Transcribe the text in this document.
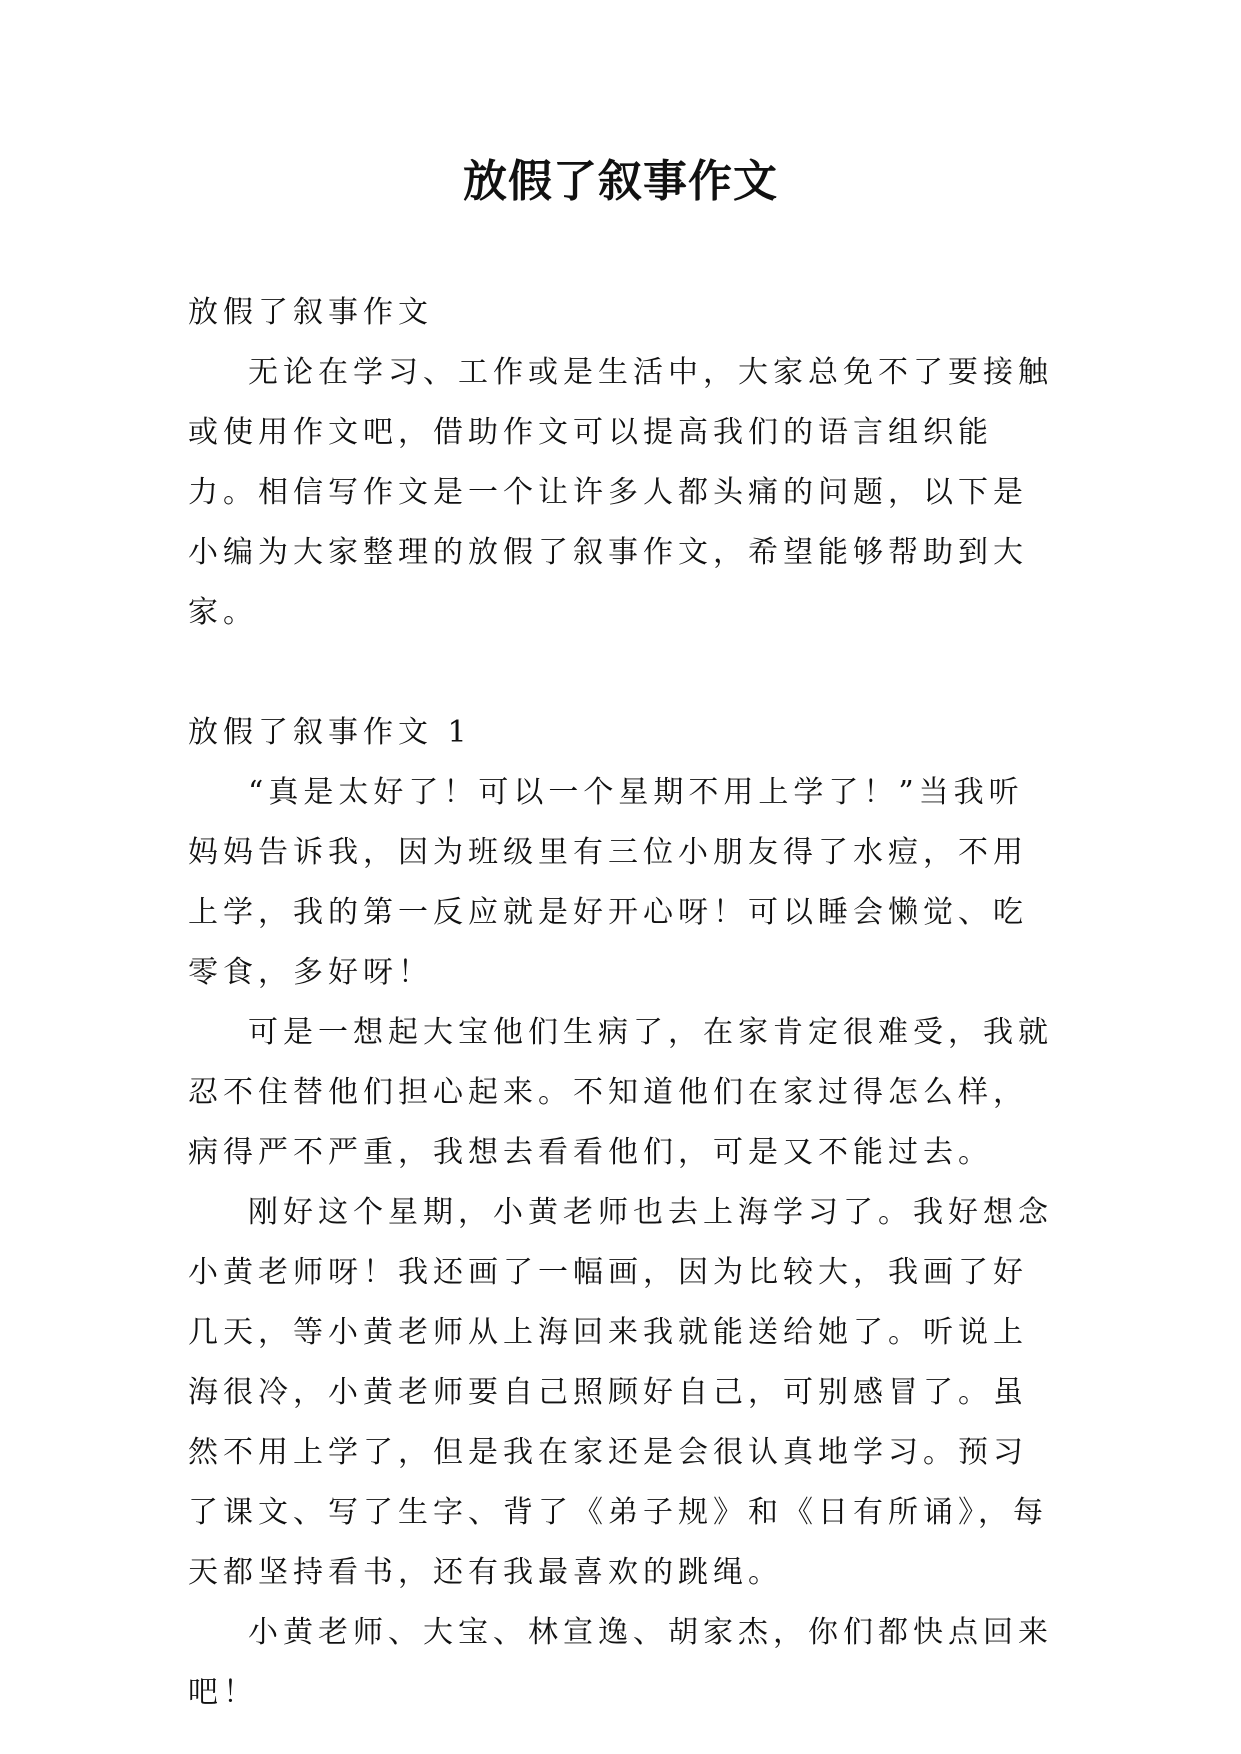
放假了叙事作文
放假了叙事作文

无论在学习、工作或是生活中，大家总免不了要接触或使用作文吧，借助作文可以提高我们的语言组织能力。相信写作文是一个让许多人都头痛的问题，以下是小编为大家整理的放假了叙事作文，希望能够帮助到大家。

放假了叙事作文 1

“真是太好了！可以一个星期不用上学了！”当我听妈妈告诉我，因为班级里有三位小朋友得了水痘，不用上学，我的第一反应就是好开心呀！可以睡会懒觉、吃零食，多好呀！

可是一想起大宝他们生病了，在家肯定很难受，我就忍不住替他们担心起来。不知道他们在家过得怎么样，病得严不严重，我想去看看他们，可是又不能过去。

刚好这个星期，小黄老师也去上海学习了。我好想念小黄老师呀！我还画了一幅画，因为比较大，我画了好几天，等小黄老师从上海回来我就能送给她了。听说上海很冷，小黄老师要自己照顾好自己，可别感冒了。虽然不用上学了，但是我在家还是会很认真地学习。预习了课文、写了生字、背了《弟子规》和《日有所诵》，每天都坚持看书，还有我最喜欢的跳绳。

小黄老师、大宝、林宣逸、胡家杰，你们都快点回来吧！
